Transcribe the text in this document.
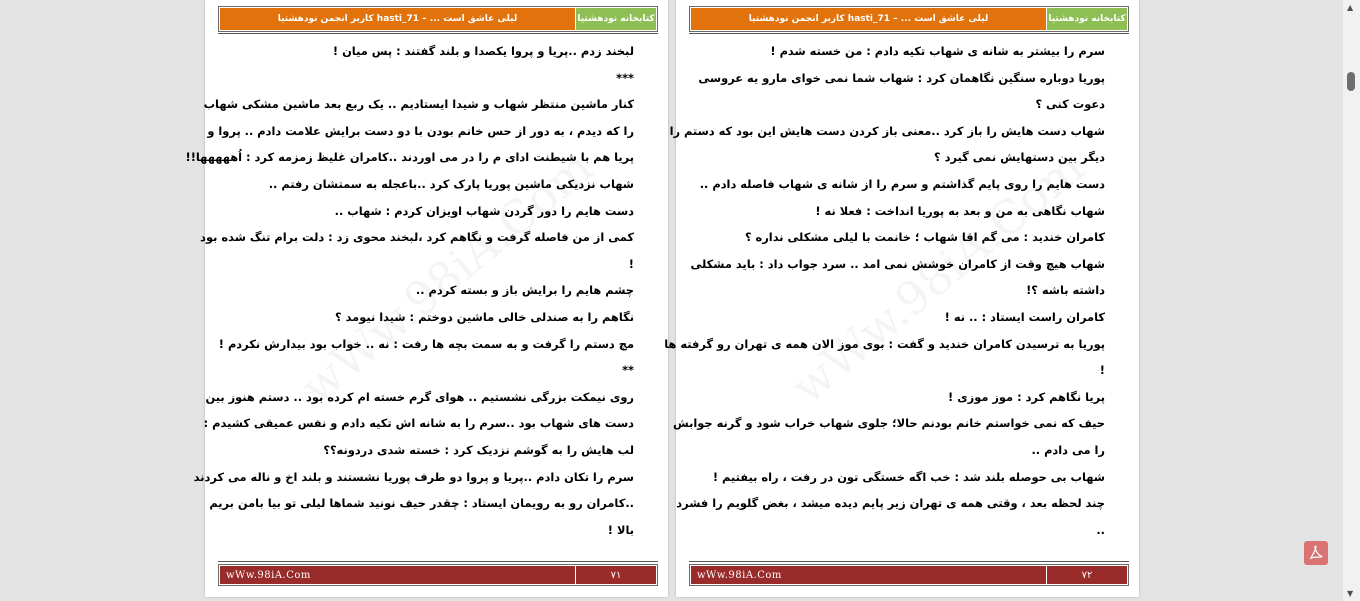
لیلی عاشق است ... – hasti_71 کاربر انجمن نودهشتیا	کتابخانه نودهشتیا

لبخند زدم ..پریا و پروا یکصدا و بلند گفتند : پس میان !

***

کنار ماشین منتظر شهاب و شیدا ایستادیم .. یک ربع بعد ماشین مشکی شهاب

را که دیدم ، به دور از حس خانم بودن با دو دست برایش علامت دادم .. پروا و

پریا هم با شیطنت ادای م را در می اوردند ..کامران غلیظ زمزمه کرد : اُههههها!!

شهاب نزدیکی ماشین پوریا پارک کرد ..باعجله به سمتشان رفتم ..

دست هایم را دور گردن شهاب اویزان کردم : شهاب ..

کمی از من فاصله گرفت و نگاهم کرد ،لبخند محوی زد : دلت برام تنگ شده بود

!

چشم هایم را برایش باز و بسته کردم ..

نگاهم را به صندلی خالی ماشین دوختم : شیدا نیومد ؟

مچ دستم را گرفت و به سمت بچه ها رفت : نه .. خواب بود بیدارش نکردم !

**

روی نیمکت بزرگی نشستیم .. هوای گرم خسته ام کرده بود .. دستم هنوز بین

دست های شهاب بود ..سرم را به شانه اش تکیه دادم و نفس عمیقی کشیدم :

لب هایش را به گوشم نزدیک کرد : خسته شدی دردونه؟؟

سرم را تکان دادم ..پریا و پروا دو طرف پوریا نشستند و بلند اخ و ناله می کردند

..کامران رو به رویمان ایستاد : چقدر حیف نونید شماها لیلی تو بیا بامن بریم

بالا !

wWw.98iA.Com	۷۱
لیلی عاشق است ... – hasti_71 کاربر انجمن نودهشتیا	کتابخانه نودهشتیا

سرم را بیشتر به شانه ی شهاب تکیه دادم : من خسته شدم !

پوریا دوباره سنگین نگاهمان کرد : شهاب شما نمی خوای مارو یه عروسی

دعوت کنی ؟

شهاب دست هایش را باز کرد ..معنی باز کردن دست هایش این بود که دستم را

دیگر بین دستهایش نمی گیرد ؟

دست هایم را روی پایم گذاشتم و سرم را از شانه ی شهاب فاصله دادم ..

شهاب نگاهی به من و بعد به پوریا انداخت : فعلا نه !

کامران خندید : می گم اقا شهاب ؛ خانمت با لیلی مشکلی نداره ؟

شهاب هیچ وقت از کامران خوشش نمی امد .. سرد جواب داد : باید مشکلی

داشته باشه ؟!

کامران راست ایستاد : .. نه !

پوریا به ترسیدن کامران خندید و گفت : بوی موز الان همه ی تهران رو گرفته ها

!

پریا نگاهم کرد : موز موزی !

حیف که نمی خواستم خانم بودنم حالا؛ جلوی شهاب خراب شود و گرنه جوابش

را می دادم ..

شهاب بی حوصله بلند شد : خب اگه خستگی تون در رفت ، راه بیفتیم !

چند لحظه بعد ، وقتی همه ی تهران زیر پایم دیده میشد ، بغض گلویم را فشرد

..

wWw.98iA.Com	۷۲
▲
▼
